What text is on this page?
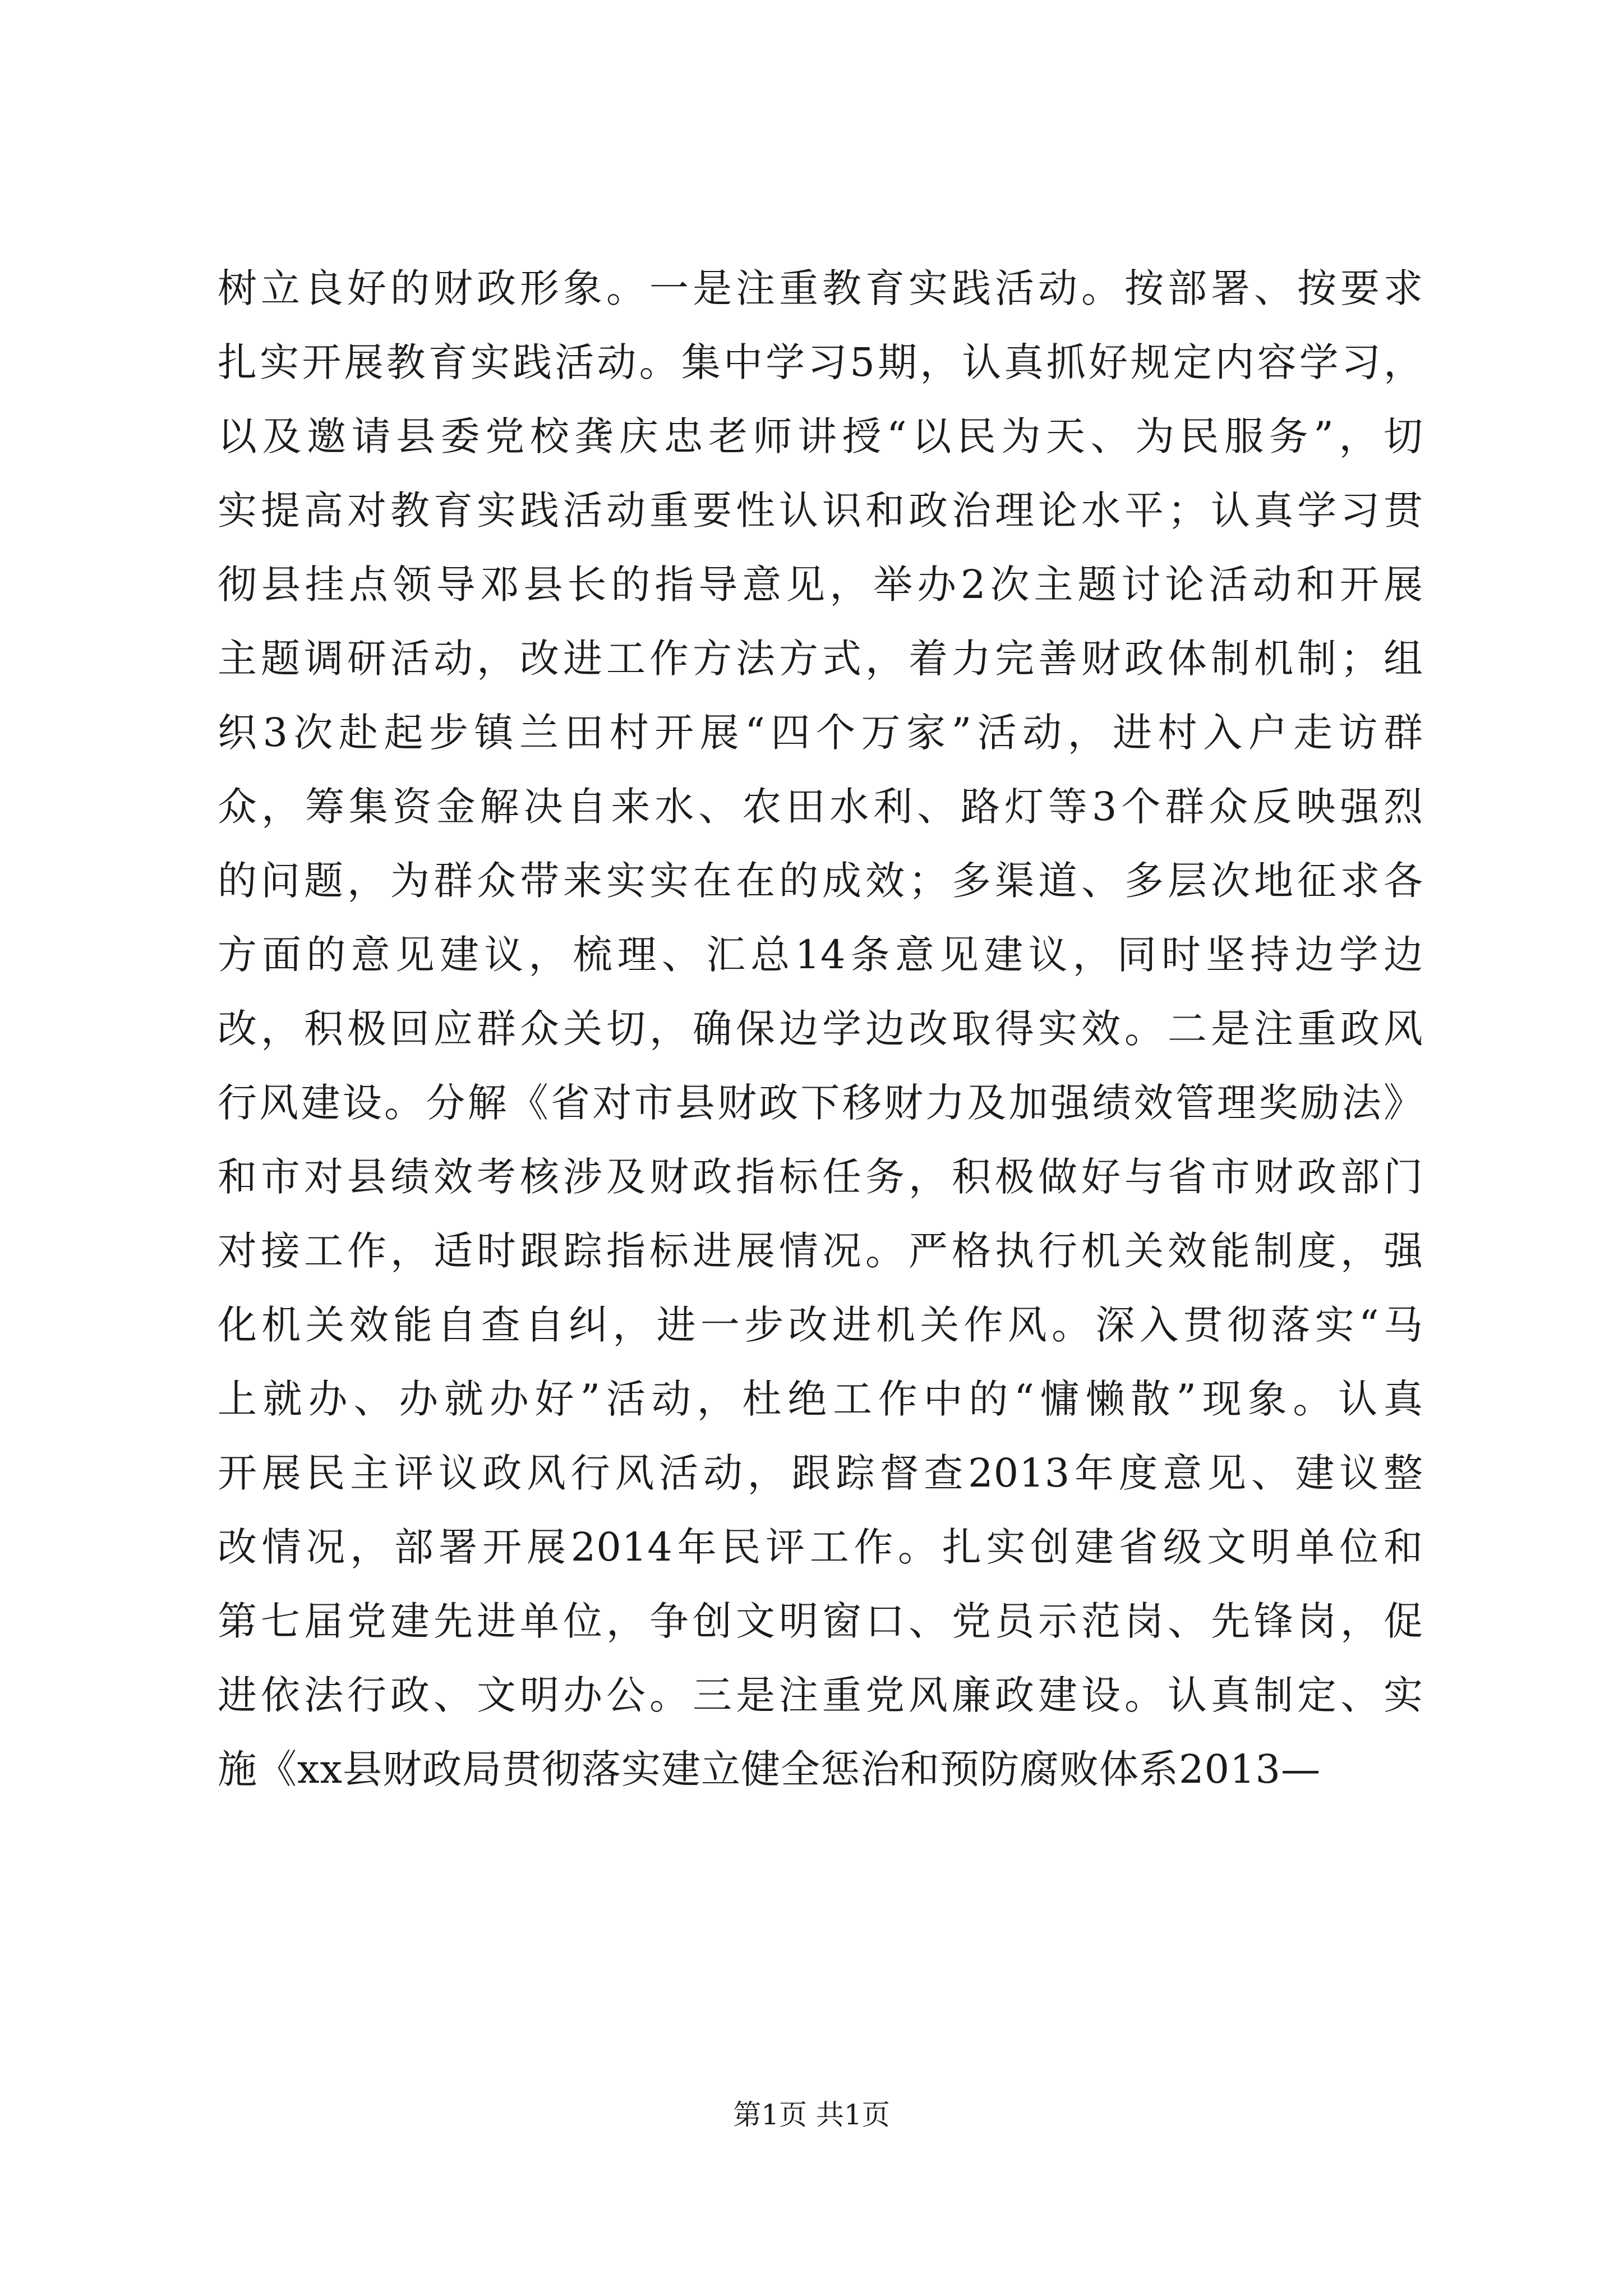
树立良好的财政形象。一是注重教育实践活动。按部署、按要求
扎实开展教育实践活动。集中学习5期，认真抓好规定内容学习，
以及邀请县委党校龚庆忠老师讲授“以民为天、为民服务”，切
实提高对教育实践活动重要性认识和政治理论水平；认真学习贯
彻县挂点领导邓县长的指导意见，举办2次主题讨论活动和开展
主题调研活动，改进工作方法方式，着力完善财政体制机制；组
织3次赴起步镇兰田村开展“四个万家”活动，进村入户走访群
众，筹集资金解决自来水、农田水利、路灯等3个群众反映强烈
的问题，为群众带来实实在在的成效；多渠道、多层次地征求各
方面的意见建议，梳理、汇总14条意见建议，同时坚持边学边
改，积极回应群众关切，确保边学边改取得实效。二是注重政风
行风建设。分解《省对市县财政下移财力及加强绩效管理奖励法》
和市对县绩效考核涉及财政指标任务，积极做好与省市财政部门
对接工作，适时跟踪指标进展情况。严格执行机关效能制度，强
化机关效能自查自纠，进一步改进机关作风。深入贯彻落实“马
上就办、办就办好”活动，杜绝工作中的“慵懒散”现象。认真
开展民主评议政风行风活动，跟踪督查2013年度意见、建议整
改情况，部署开展2014年民评工作。扎实创建省级文明单位和
第七届党建先进单位，争创文明窗口、党员示范岗、先锋岗，促
进依法行政、文明办公。三是注重党风廉政建设。认真制定、实
施《xx县财政局贯彻落实建立健全惩治和预防腐败体系2013—
第1页 共1页
